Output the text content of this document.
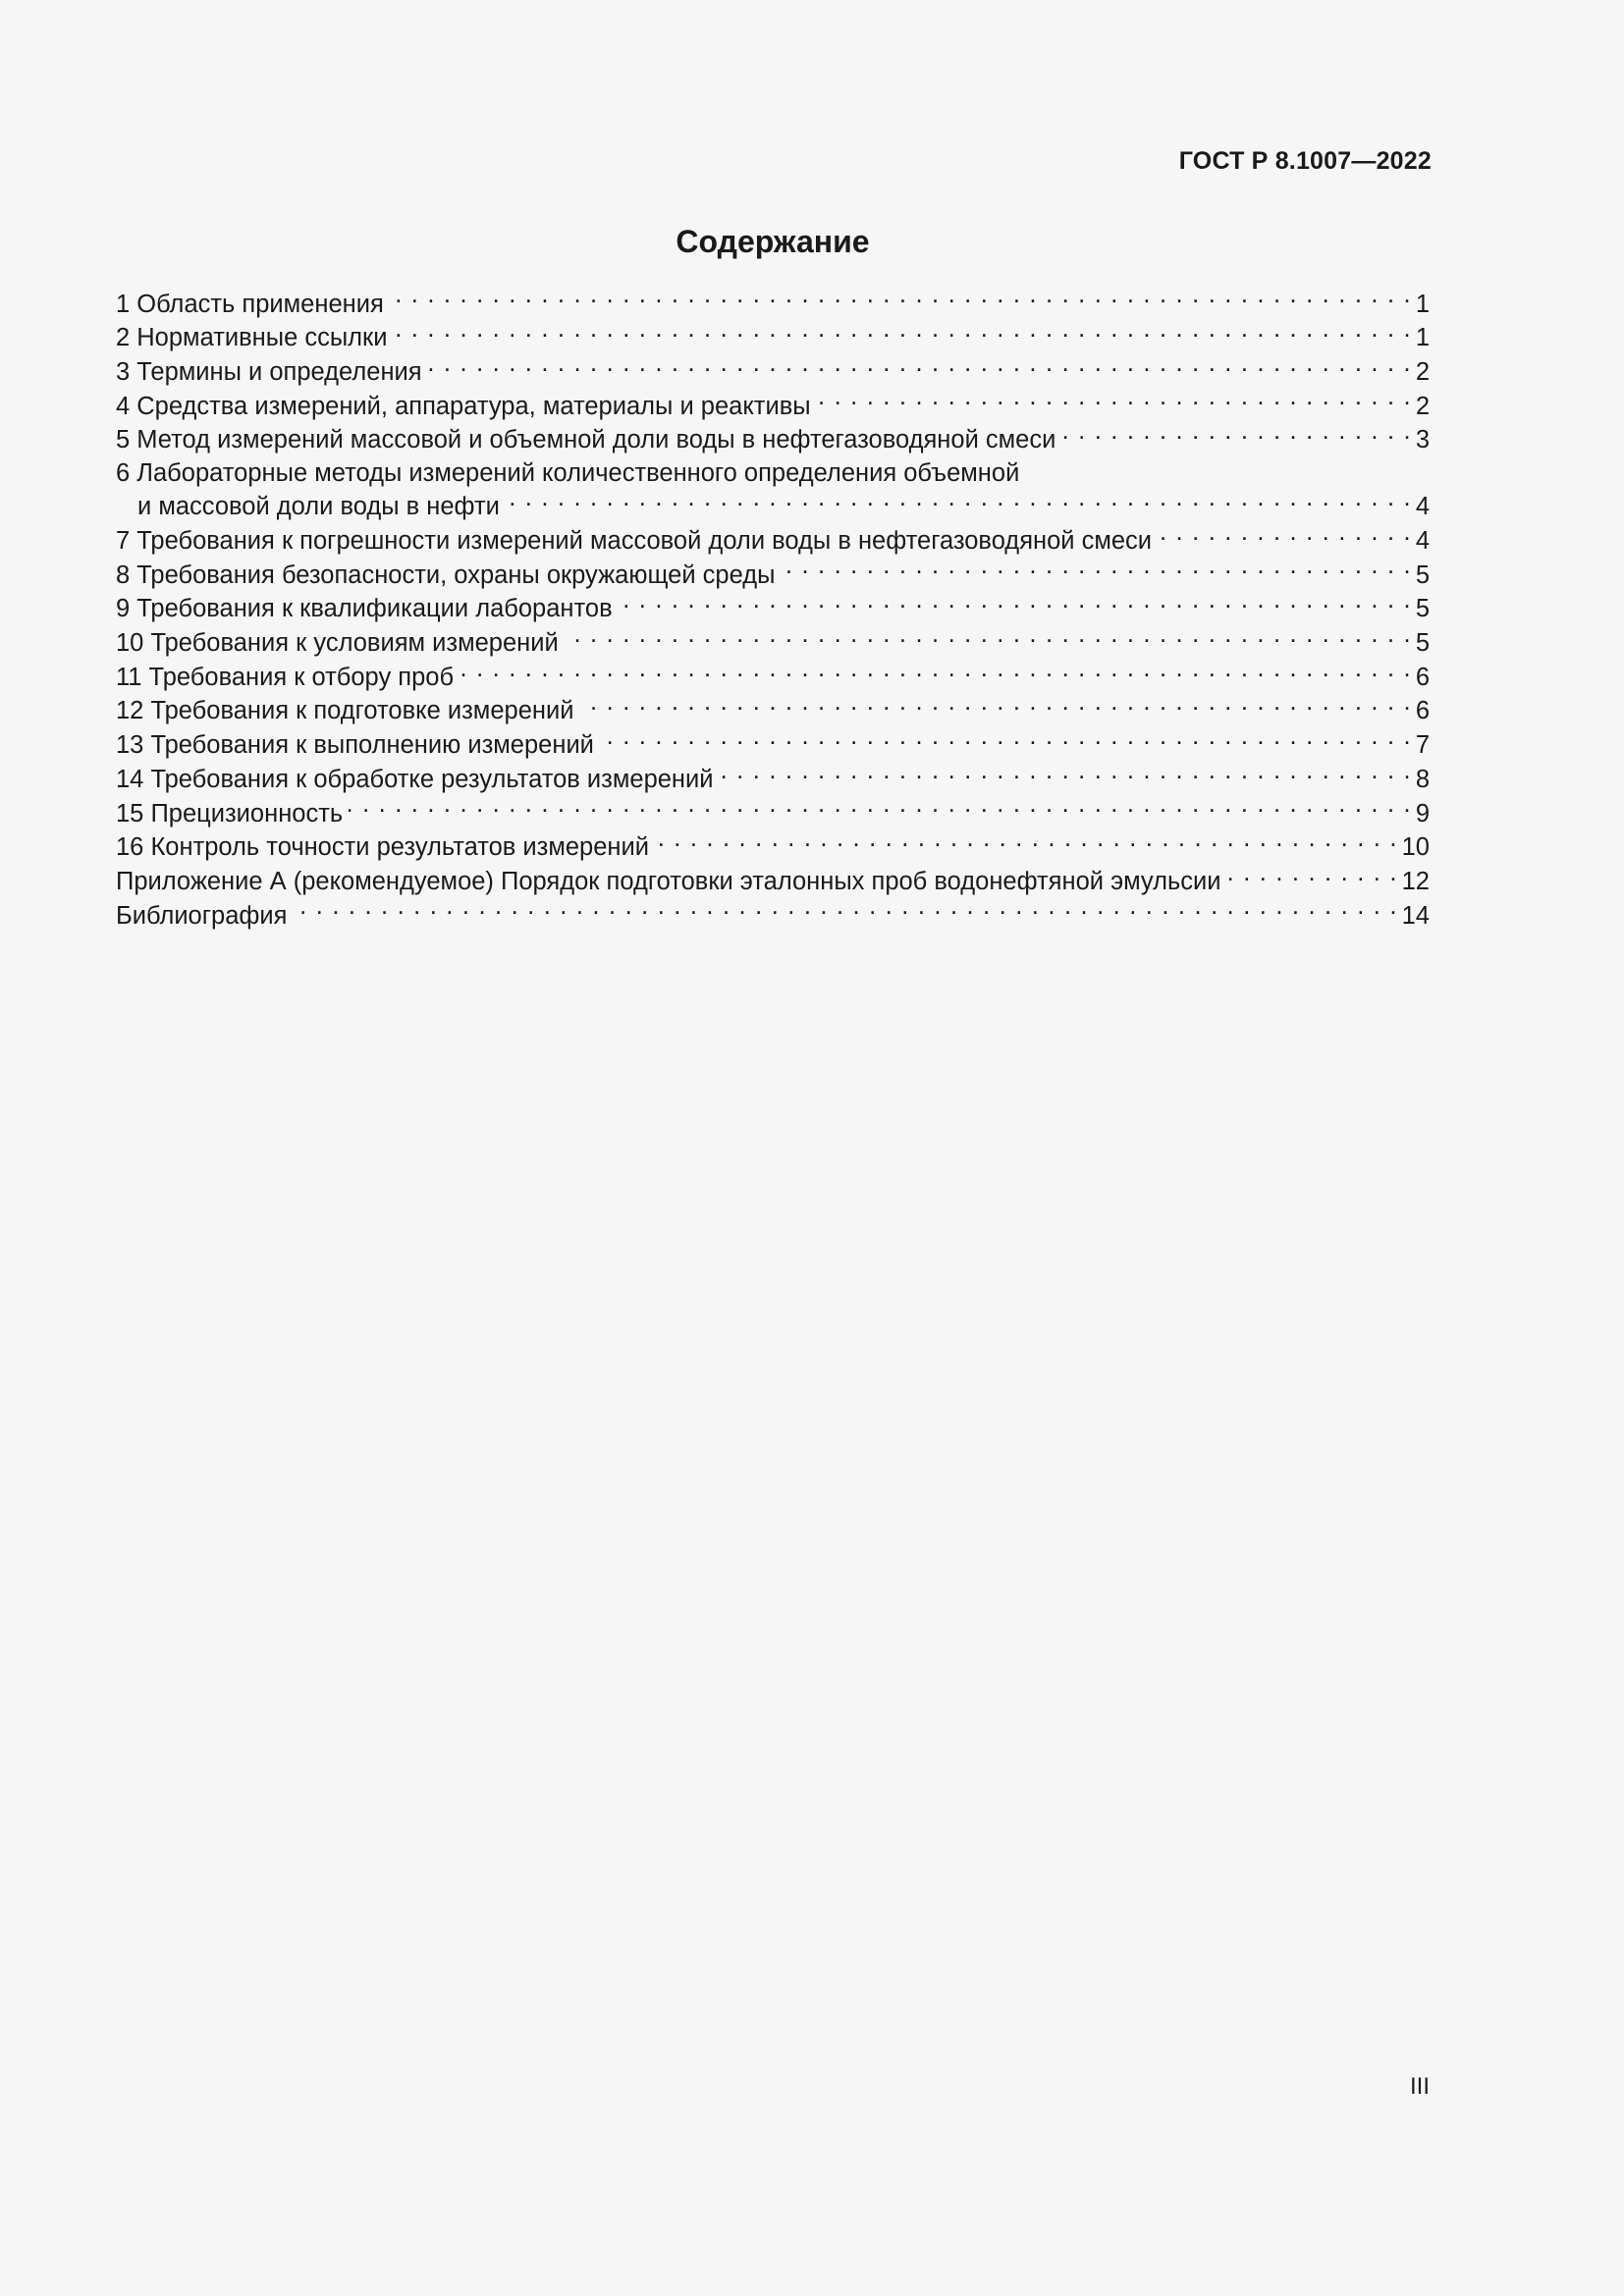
ГОСТ Р 8.1007—2022
Содержание
1 Область применения . . .	1
2 Нормативные ссылки . . .	1
3 Термины и определения . . .	2
4 Средства измерений, аппаратура, материалы и реактивы . . .	2
5 Метод измерений массовой и объемной доли воды в нефтегазоводяной смеси . . .	3
6 Лабораторные методы измерений количественного определения объемной
и массовой доли воды в нефти . . .	4
7 Требования к погрешности измерений массовой доли воды в нефтегазоводяной смеси . . .	4
8 Требования безопасности, охраны окружающей среды . . .	5
9 Требования к квалификации лаборантов . . .	5
10 Требования к условиям измерений . . .	5
11 Требования к отбору проб . . .	6
12 Требования к подготовке измерений . . .	6
13 Требования к выполнению измерений . . .	7
14 Требования к обработке результатов измерений . . .	8
15 Прецизионность . . .	9
16 Контроль точности результатов измерений . . .	10
Приложение А (рекомендуемое) Порядок подготовки эталонных проб водонефтяной эмульсии . . .	12
Библиография . . .	14
III
